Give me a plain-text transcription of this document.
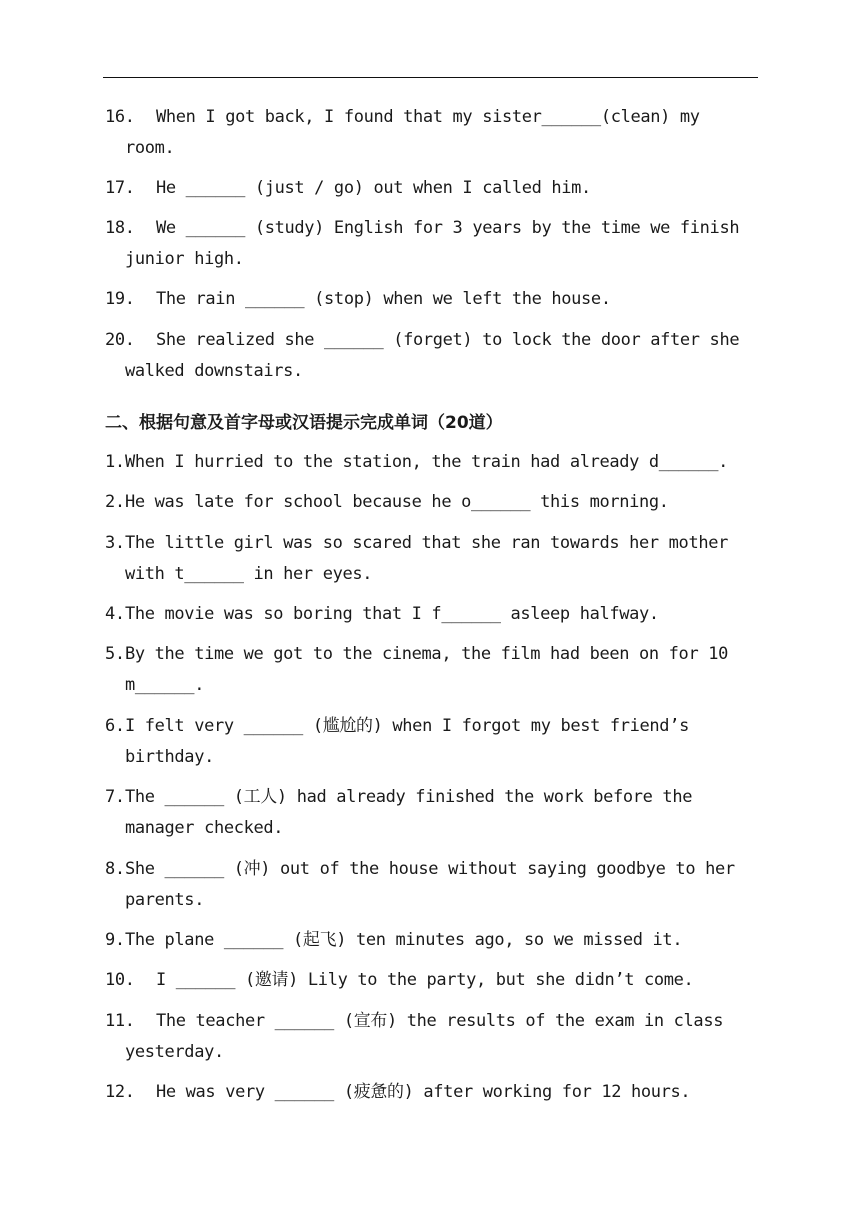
16. When I got back, I found that my sister______(clean) my
room.
17. He ______ (just / go) out when I called him.
18. We ______ (study) English for 3 years by the time we finish
junior high.
19. The rain ______ (stop) when we left the house.
20. She realized she ______ (forget) to lock the door after she
walked downstairs.
二、根据句意及首字母或汉语提示完成单词（20道）
1.When I hurried to the station, the train had already d______.
2.He was late for school because he o______ this morning.
3.The little girl was so scared that she ran towards her mother
with t______ in her eyes.
4.The movie was so boring that I f______ asleep halfway.
5.By the time we got to the cinema, the film had been on for 10
m______.
6.I felt very ______ (尴尬的) when I forgot my best friend’s
birthday.
7.The ______ (工人) had already finished the work before the
manager checked.
8.She ______ (冲) out of the house without saying goodbye to her
parents.
9.The plane ______ (起飞) ten minutes ago, so we missed it.
10. I ______ (邀请) Lily to the party, but she didn’t come.
11. The teacher ______ (宣布) the results of the exam in class
yesterday.
12. He was very ______ (疲惫的) after working for 12 hours.
